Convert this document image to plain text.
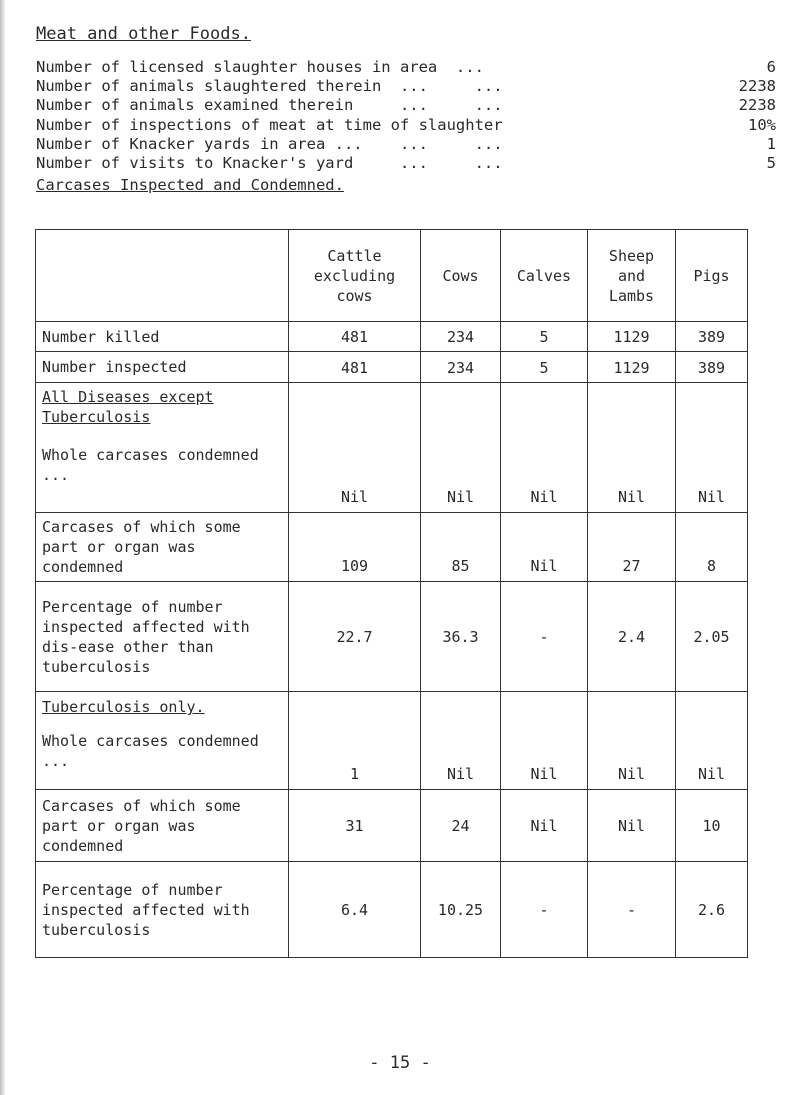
Meat and other Foods.
Number of licensed slaughter houses in area  ...	6
Number of animals slaughtered therein  ...     ...	2238
Number of animals examined therein     ...     ...	2238
Number of inspections of meat at time of slaughter	10%
Number of Knacker yards in area ...    ...     ...	1
Number of visits to Knacker's yard     ...     ...	5
Carcases Inspected and Condemned.
	Cattle excluding cows	Cows	Calves	Sheep and Lambs	Pigs
Number killed	481	234	5	1129	389
Number inspected	481	234	5	1129	389

All Diseases except Tuberculosis
Whole carcases condemned ...	Nil	Nil	Nil	Nil	Nil
Carcases of which some part or organ was condemned	109	85	Nil	27	8
Percentage of number inspected affected with dis-ease other than tuberculosis	22.7	36.3	-	2.4	2.05

Tuberculosis only.
Whole carcases condemned ...	1	Nil	Nil	Nil	Nil
Carcases of which some part or organ was condemned	31	24	Nil	Nil	10
Percentage of number inspected affected with tuberculosis	6.4	10.25	-	-	2.6
- 15 -
